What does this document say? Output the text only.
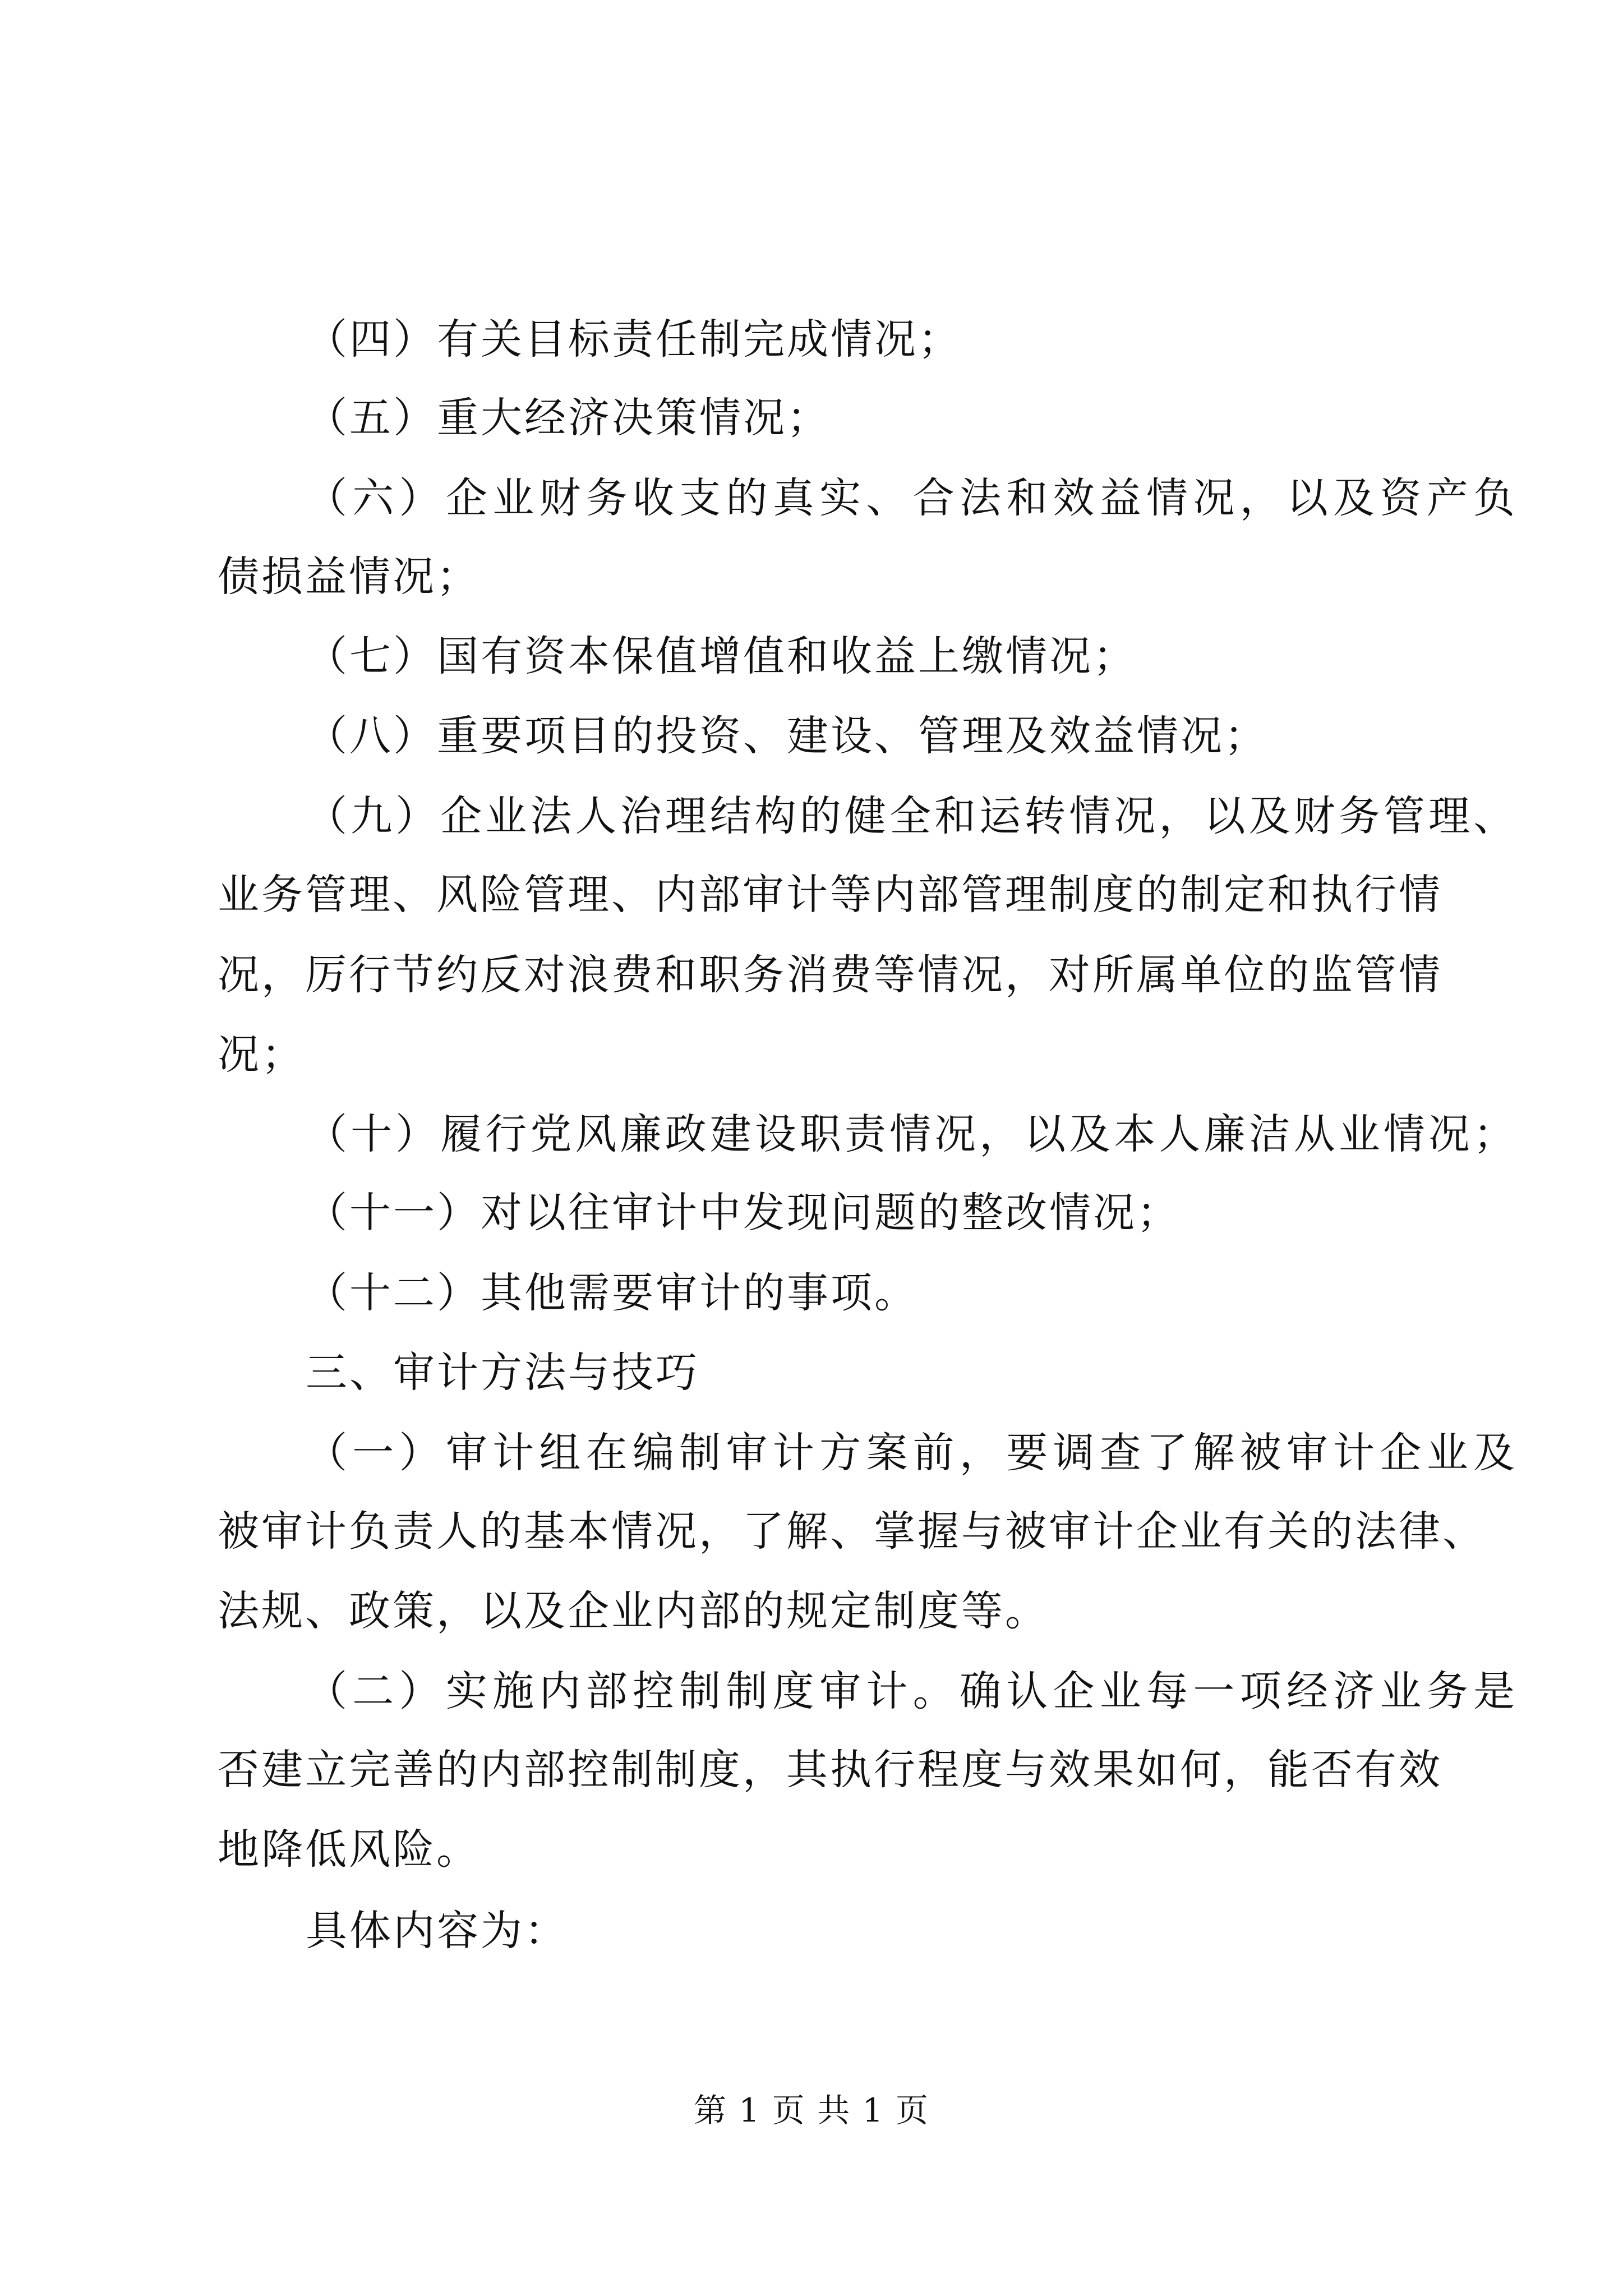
（四）有关目标责任制完成情况；
（五）重大经济决策情况；
（六）企业财务收支的真实、合法和效益情况，以及资产负
债损益情况；
（七）国有资本保值增值和收益上缴情况；
（八）重要项目的投资、建设、管理及效益情况；
（九）企业法人治理结构的健全和运转情况，以及财务管理、
业务管理、风险管理、内部审计等内部管理制度的制定和执行情
况，厉行节约反对浪费和职务消费等情况，对所属单位的监管情
况；
（十）履行党风廉政建设职责情况，以及本人廉洁从业情况；
（十一）对以往审计中发现问题的整改情况；
（十二）其他需要审计的事项。
三、审计方法与技巧
（一）审计组在编制审计方案前，要调查了解被审计企业及
被审计负责人的基本情况，了解、掌握与被审计企业有关的法律、
法规、政策，以及企业内部的规定制度等。
（二）实施内部控制制度审计。确认企业每一项经济业务是
否建立完善的内部控制制度，其执行程度与效果如何，能否有效
地降低风险。
具体内容为：
第 1 页 共 1 页
